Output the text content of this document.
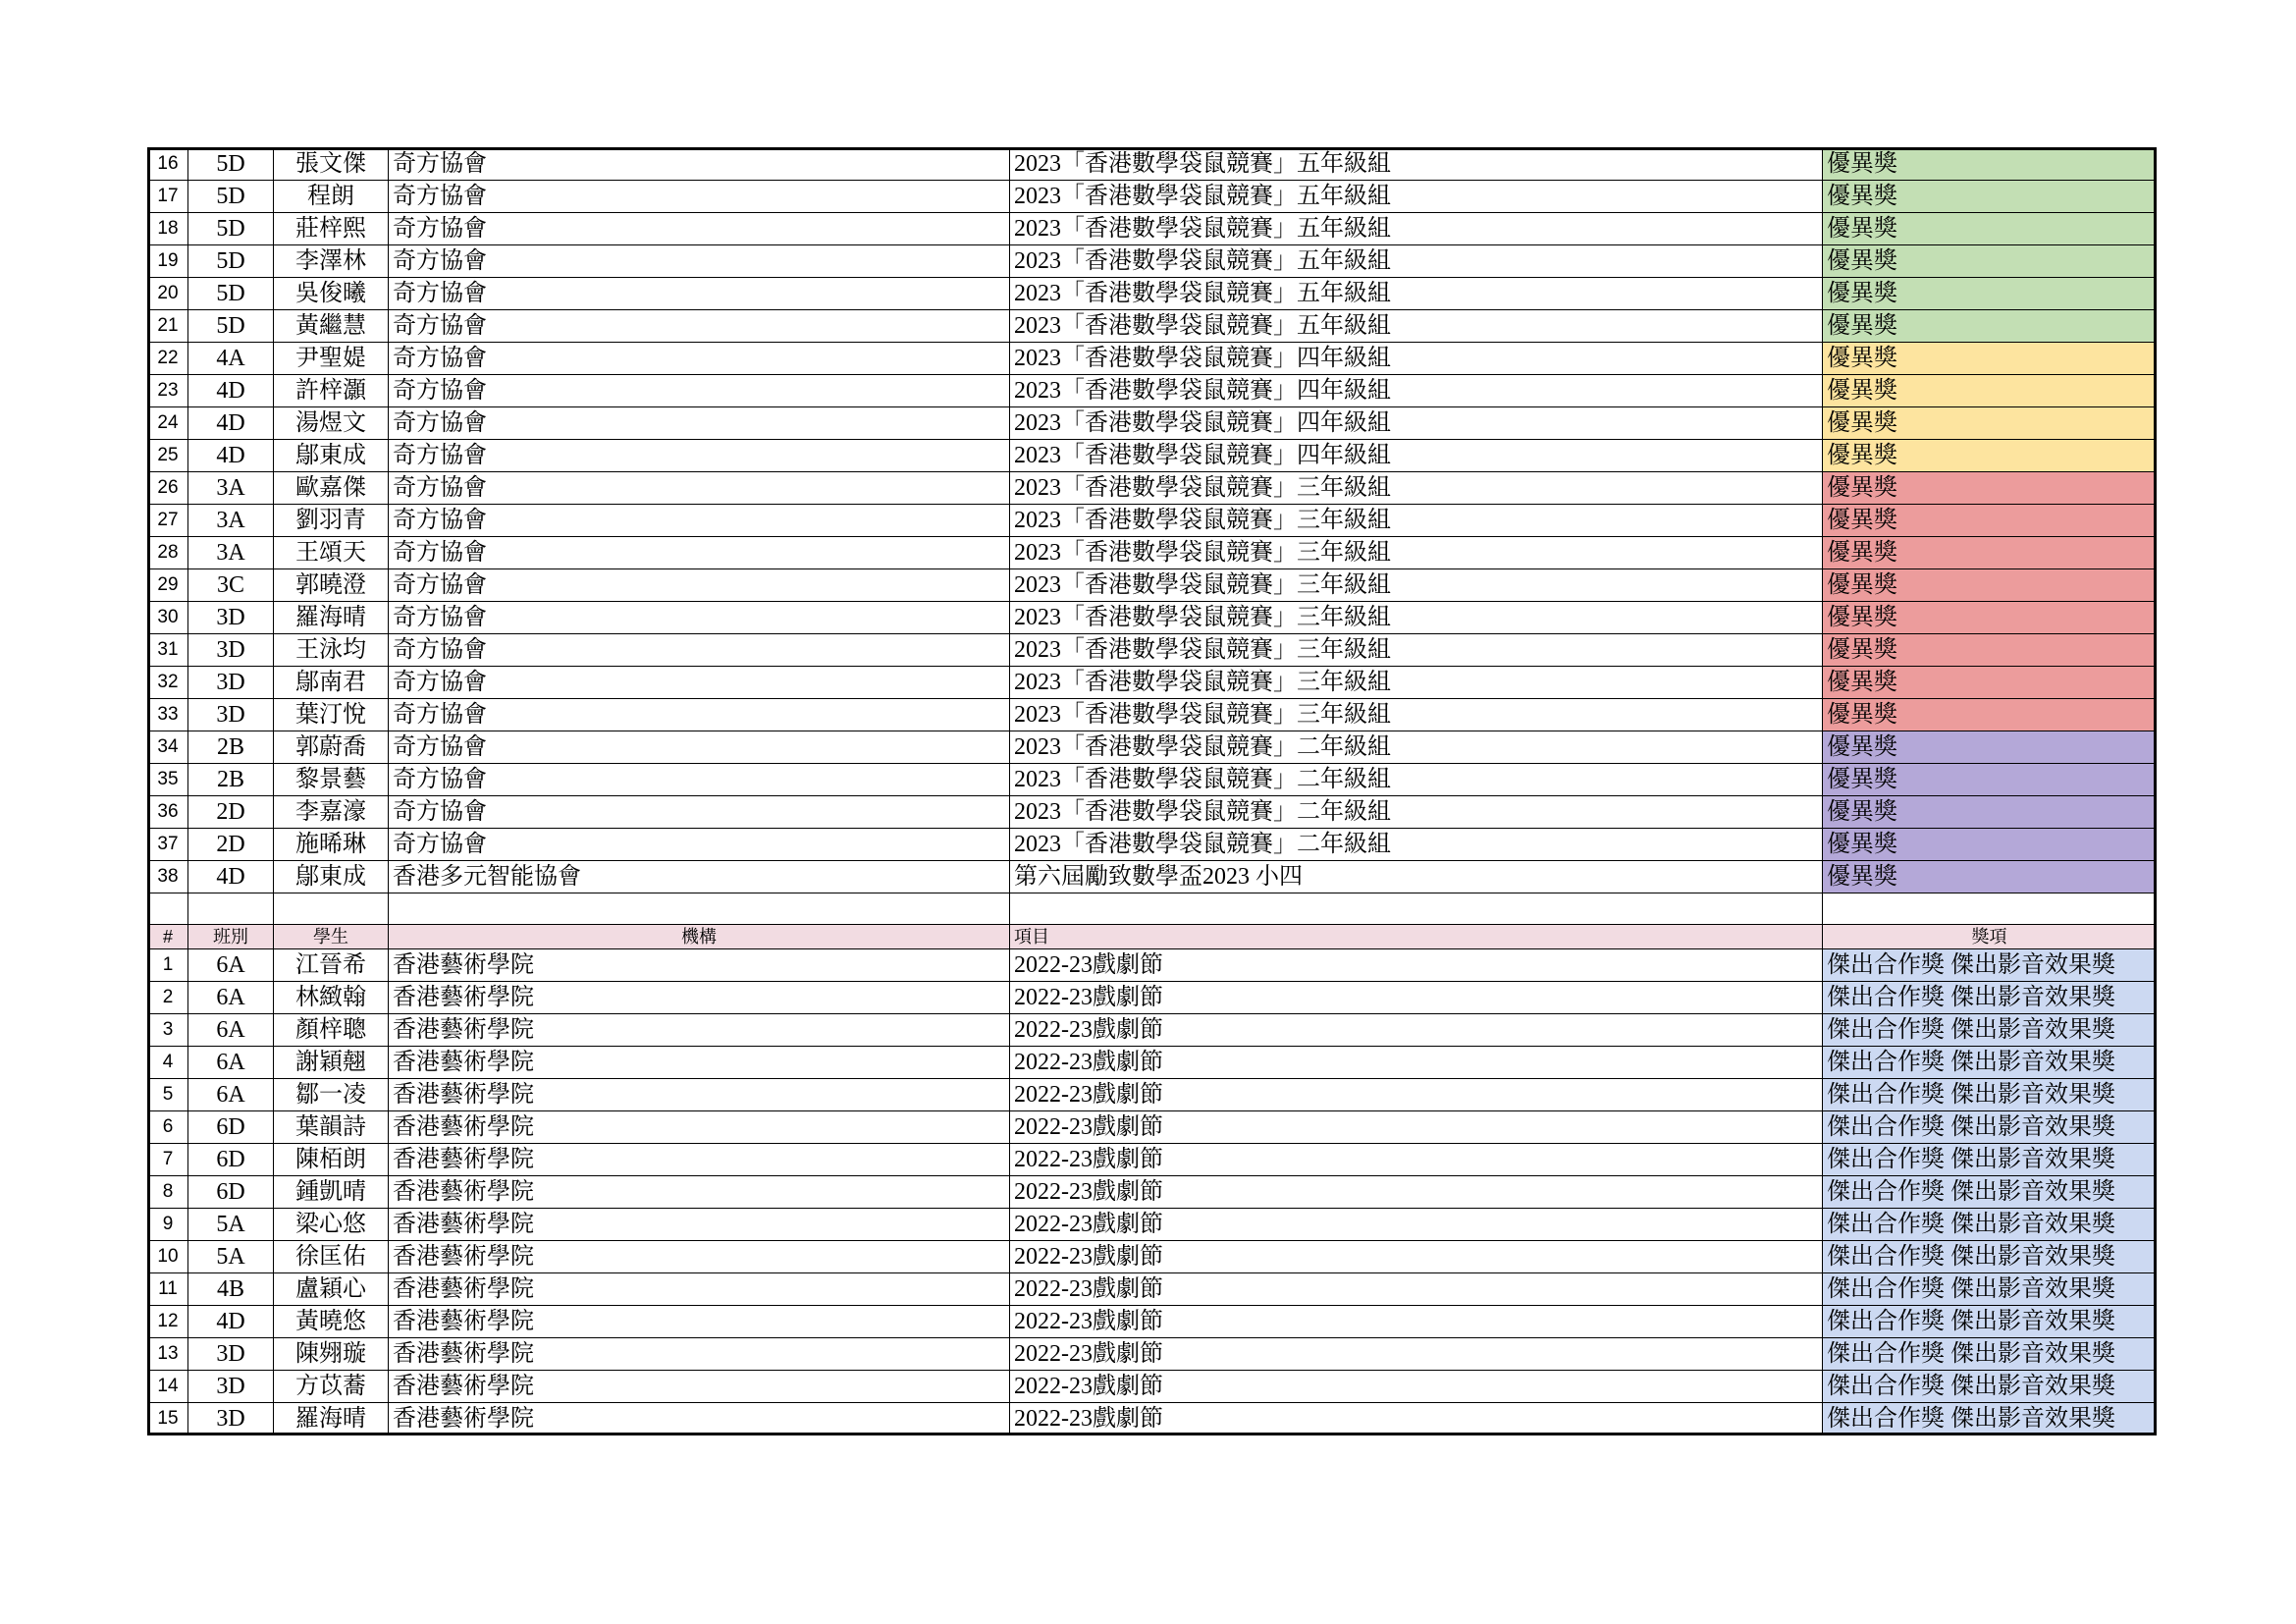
16	5D	張文傑	奇方協會	2023「香港數學袋鼠競賽」五年級組	優異獎
17	5D	程朗	奇方協會	2023「香港數學袋鼠競賽」五年級組	優異獎
18	5D	莊梓熙	奇方協會	2023「香港數學袋鼠競賽」五年級組	優異獎
19	5D	李澤林	奇方協會	2023「香港數學袋鼠競賽」五年級組	優異獎
20	5D	吳俊曦	奇方協會	2023「香港數學袋鼠競賽」五年級組	優異獎
21	5D	黃繼慧	奇方協會	2023「香港數學袋鼠競賽」五年級組	優異獎
22	4A	尹聖媞	奇方協會	2023「香港數學袋鼠競賽」四年級組	優異獎
23	4D	許梓灝	奇方協會	2023「香港數學袋鼠競賽」四年級組	優異獎
24	4D	湯煜文	奇方協會	2023「香港數學袋鼠競賽」四年級組	優異獎
25	4D	鄔東成	奇方協會	2023「香港數學袋鼠競賽」四年級組	優異獎
26	3A	歐嘉傑	奇方協會	2023「香港數學袋鼠競賽」三年級組	優異獎
27	3A	劉羽青	奇方協會	2023「香港數學袋鼠競賽」三年級組	優異獎
28	3A	王頌天	奇方協會	2023「香港數學袋鼠競賽」三年級組	優異獎
29	3C	郭曉澄	奇方協會	2023「香港數學袋鼠競賽」三年級組	優異獎
30	3D	羅海晴	奇方協會	2023「香港數學袋鼠競賽」三年級組	優異獎
31	3D	王泳均	奇方協會	2023「香港數學袋鼠競賽」三年級組	優異獎
32	3D	鄔南君	奇方協會	2023「香港數學袋鼠競賽」三年級組	優異獎
33	3D	葉汀悅	奇方協會	2023「香港數學袋鼠競賽」三年級組	優異獎
34	2B	郭蔚喬	奇方協會	2023「香港數學袋鼠競賽」二年級組	優異獎
35	2B	黎景藝	奇方協會	2023「香港數學袋鼠競賽」二年級組	優異獎
36	2D	李嘉濠	奇方協會	2023「香港數學袋鼠競賽」二年級組	優異獎
37	2D	施晞琳	奇方協會	2023「香港數學袋鼠競賽」二年級組	優異獎
38	4D	鄔東成	香港多元智能協會	第六屆勵致數學盃2023 小四	優異獎

#	班別	學生	機構	項目	獎項
1	6A	江晉希	香港藝術學院	2022-23戲劇節	傑出合作獎 傑出影音效果獎
2	6A	林緻翰	香港藝術學院	2022-23戲劇節	傑出合作獎 傑出影音效果獎
3	6A	顏梓聰	香港藝術學院	2022-23戲劇節	傑出合作獎 傑出影音效果獎
4	6A	謝穎翹	香港藝術學院	2022-23戲劇節	傑出合作獎 傑出影音效果獎
5	6A	鄒一凌	香港藝術學院	2022-23戲劇節	傑出合作獎 傑出影音效果獎
6	6D	葉韻詩	香港藝術學院	2022-23戲劇節	傑出合作獎 傑出影音效果獎
7	6D	陳栢朗	香港藝術學院	2022-23戲劇節	傑出合作獎 傑出影音效果獎
8	6D	鍾凱晴	香港藝術學院	2022-23戲劇節	傑出合作獎 傑出影音效果獎
9	5A	梁心悠	香港藝術學院	2022-23戲劇節	傑出合作獎 傑出影音效果獎
10	5A	徐匡佑	香港藝術學院	2022-23戲劇節	傑出合作獎 傑出影音效果獎
11	4B	盧穎心	香港藝術學院	2022-23戲劇節	傑出合作獎 傑出影音效果獎
12	4D	黃曉悠	香港藝術學院	2022-23戲劇節	傑出合作獎 傑出影音效果獎
13	3D	陳翙璇	香港藝術學院	2022-23戲劇節	傑出合作獎 傑出影音效果獎
14	3D	方苡蕎	香港藝術學院	2022-23戲劇節	傑出合作獎 傑出影音效果獎
15	3D	羅海晴	香港藝術學院	2022-23戲劇節	傑出合作獎 傑出影音效果獎
